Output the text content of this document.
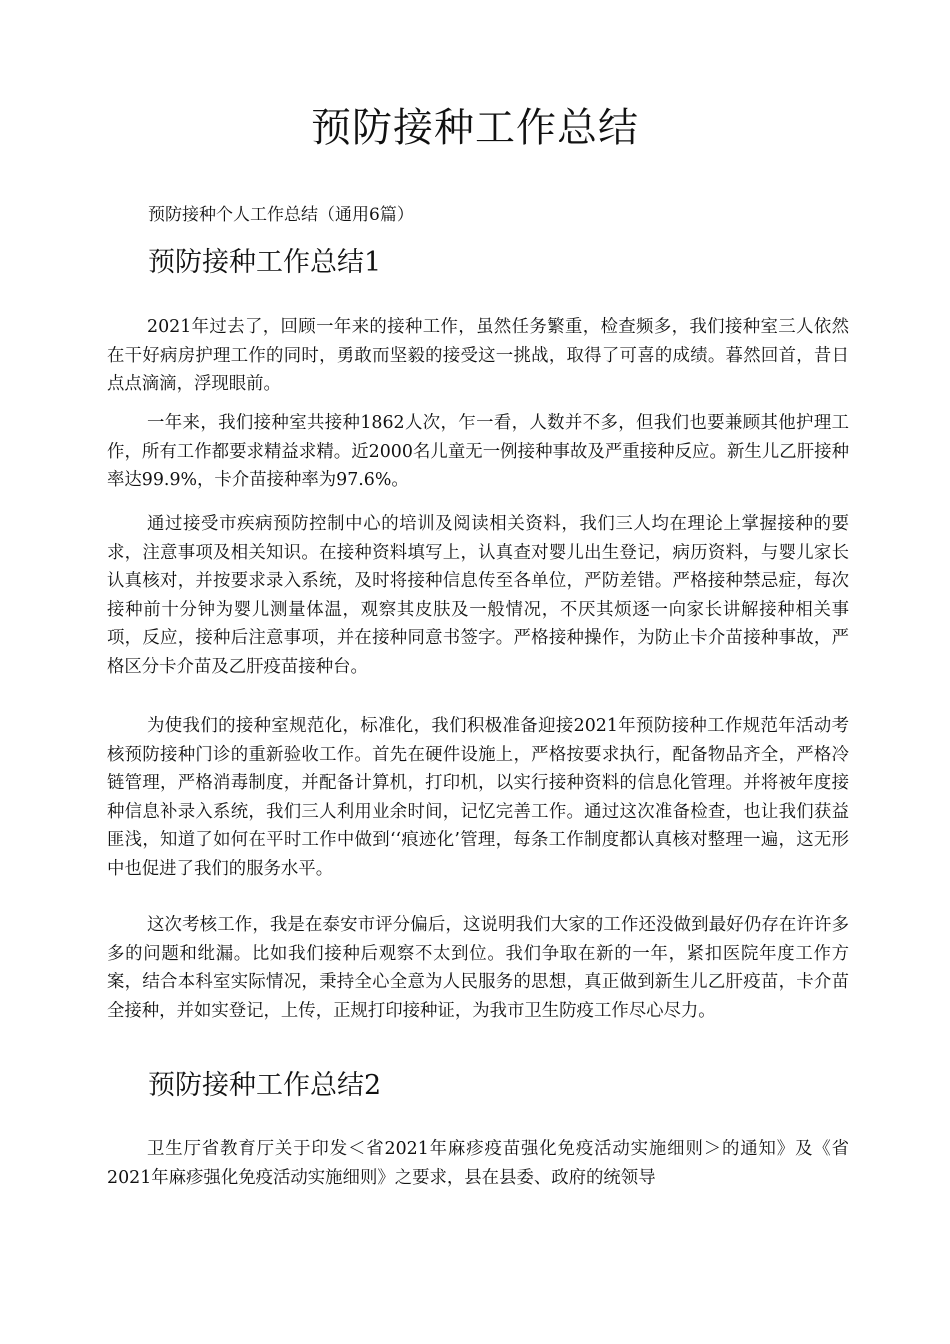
预防接种工作总结

预防接种个人工作总结（通用6篇）

预防接种工作总结1

2021年过去了，回顾一年来的接种工作，虽然任务繁重，检查频多，我们接种室三人依然在干好病房护理工作的同时，勇敢而坚毅的接受这一挑战，取得了可喜的成绩。暮然回首，昔日点点滴滴，浮现眼前。

一年来，我们接种室共接种1862人次，乍一看，人数并不多，但我们也要兼顾其他护理工作，所有工作都要求精益求精。近2000名儿童无一例接种事故及严重接种反应。新生儿乙肝接种率达99.9%，卡介苗接种率为97.6%。

通过接受市疾病预防控制中心的培训及阅读相关资料，我们三人均在理论上掌握接种的要求，注意事项及相关知识。在接种资料填写上，认真查对婴儿出生登记，病历资料，与婴儿家长认真核对，并按要求录入系统，及时将接种信息传至各单位，严防差错。严格接种禁忌症，每次接种前十分钟为婴儿测量体温，观察其皮肤及一般情况，不厌其烦逐一向家长讲解接种相关事项，反应，接种后注意事项，并在接种同意书签字。严格接种操作，为防止卡介苗接种事故，严格区分卡介苗及乙肝疫苗接种台。

为使我们的接种室规范化，标准化，我们积极准备迎接2021年预防接种工作规范年活动考核预防接种门诊的重新验收工作。首先在硬件设施上，严格按要求执行，配备物品齐全，严格冷链管理，严格消毒制度，并配备计算机，打印机，以实行接种资料的信息化管理。并将被年度接种信息补录入系统，我们三人利用业余时间，记忆完善工作。通过这次准备检查，也让我们获益匪浅，知道了如何在平时工作中做到‘‘痕迹化’管理，每条工作制度都认真核对整理一遍，这无形中也促进了我们的服务水平。

这次考核工作，我是在泰安市评分偏后，这说明我们大家的工作还没做到最好仍存在许许多多的问题和纰漏。比如我们接种后观察不太到位。我们争取在新的一年，紧扣医院年度工作方案，结合本科室实际情况，秉持全心全意为人民服务的思想，真正做到新生儿乙肝疫苗，卡介苗全接种，并如实登记，上传，正规打印接种证，为我市卫生防疫工作尽心尽力。

预防接种工作总结2

卫生厅省教育厅关于印发＜省2021年麻疹疫苗强化免疫活动实施细则＞的通知》及《省2021年麻疹强化免疫活动实施细则》之要求，县在县委、政府的统领导
